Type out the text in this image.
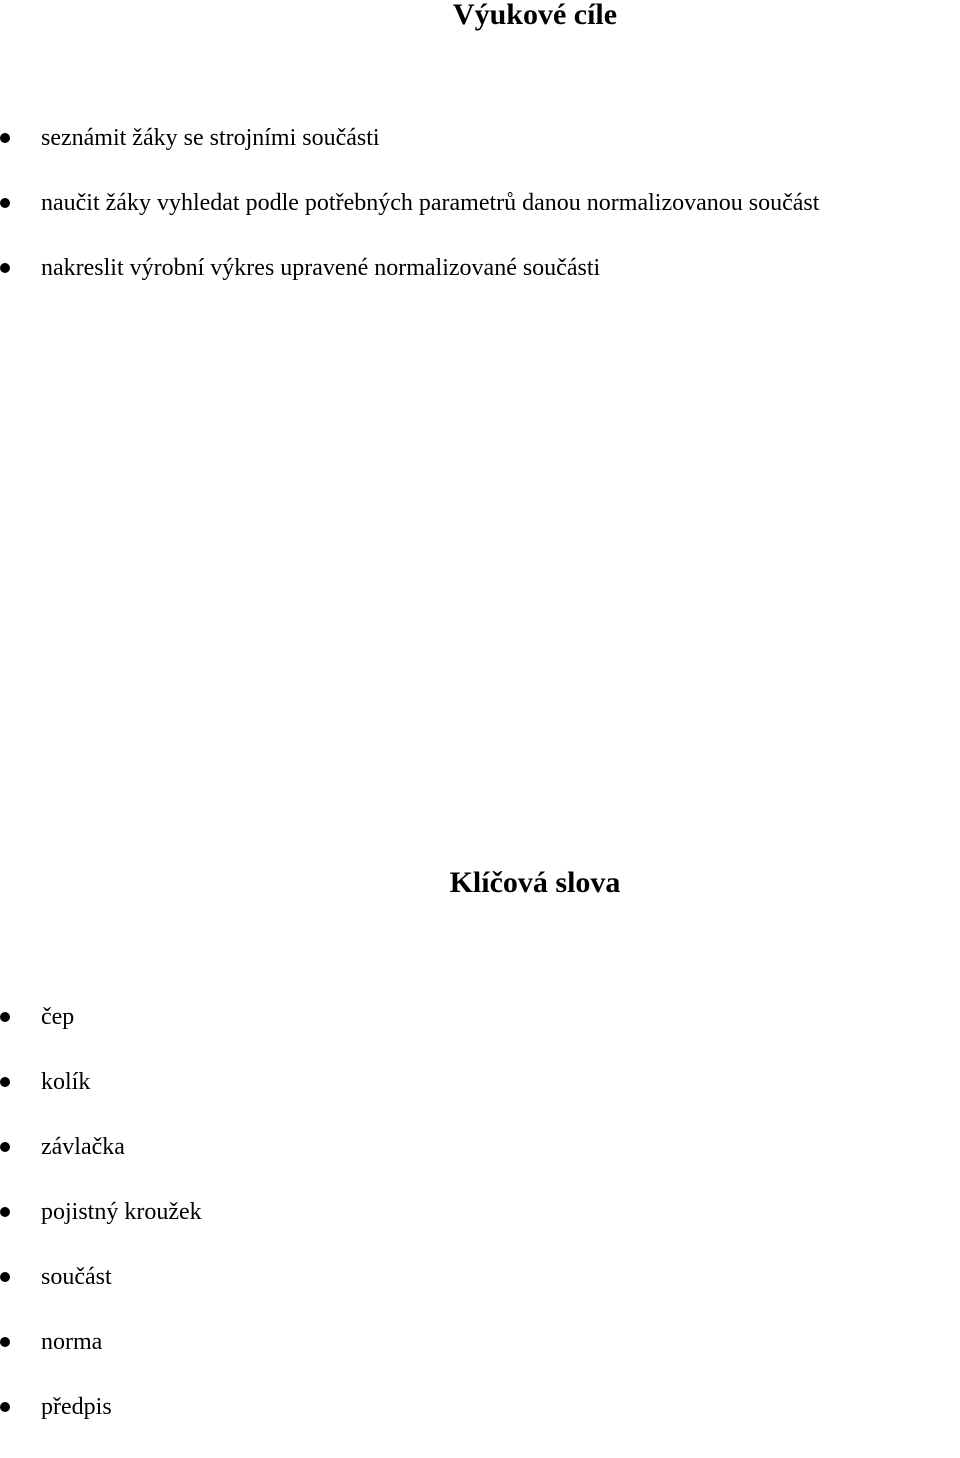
Výukové cíle
seznámit žáky se strojními součásti
naučit žáky vyhledat podle potřebných parametrů danou normalizovanou součást
nakreslit výrobní výkres upravené normalizované součásti
Klíčová slova
čep
kolík
závlačka
pojistný kroužek
součást
norma
předpis
